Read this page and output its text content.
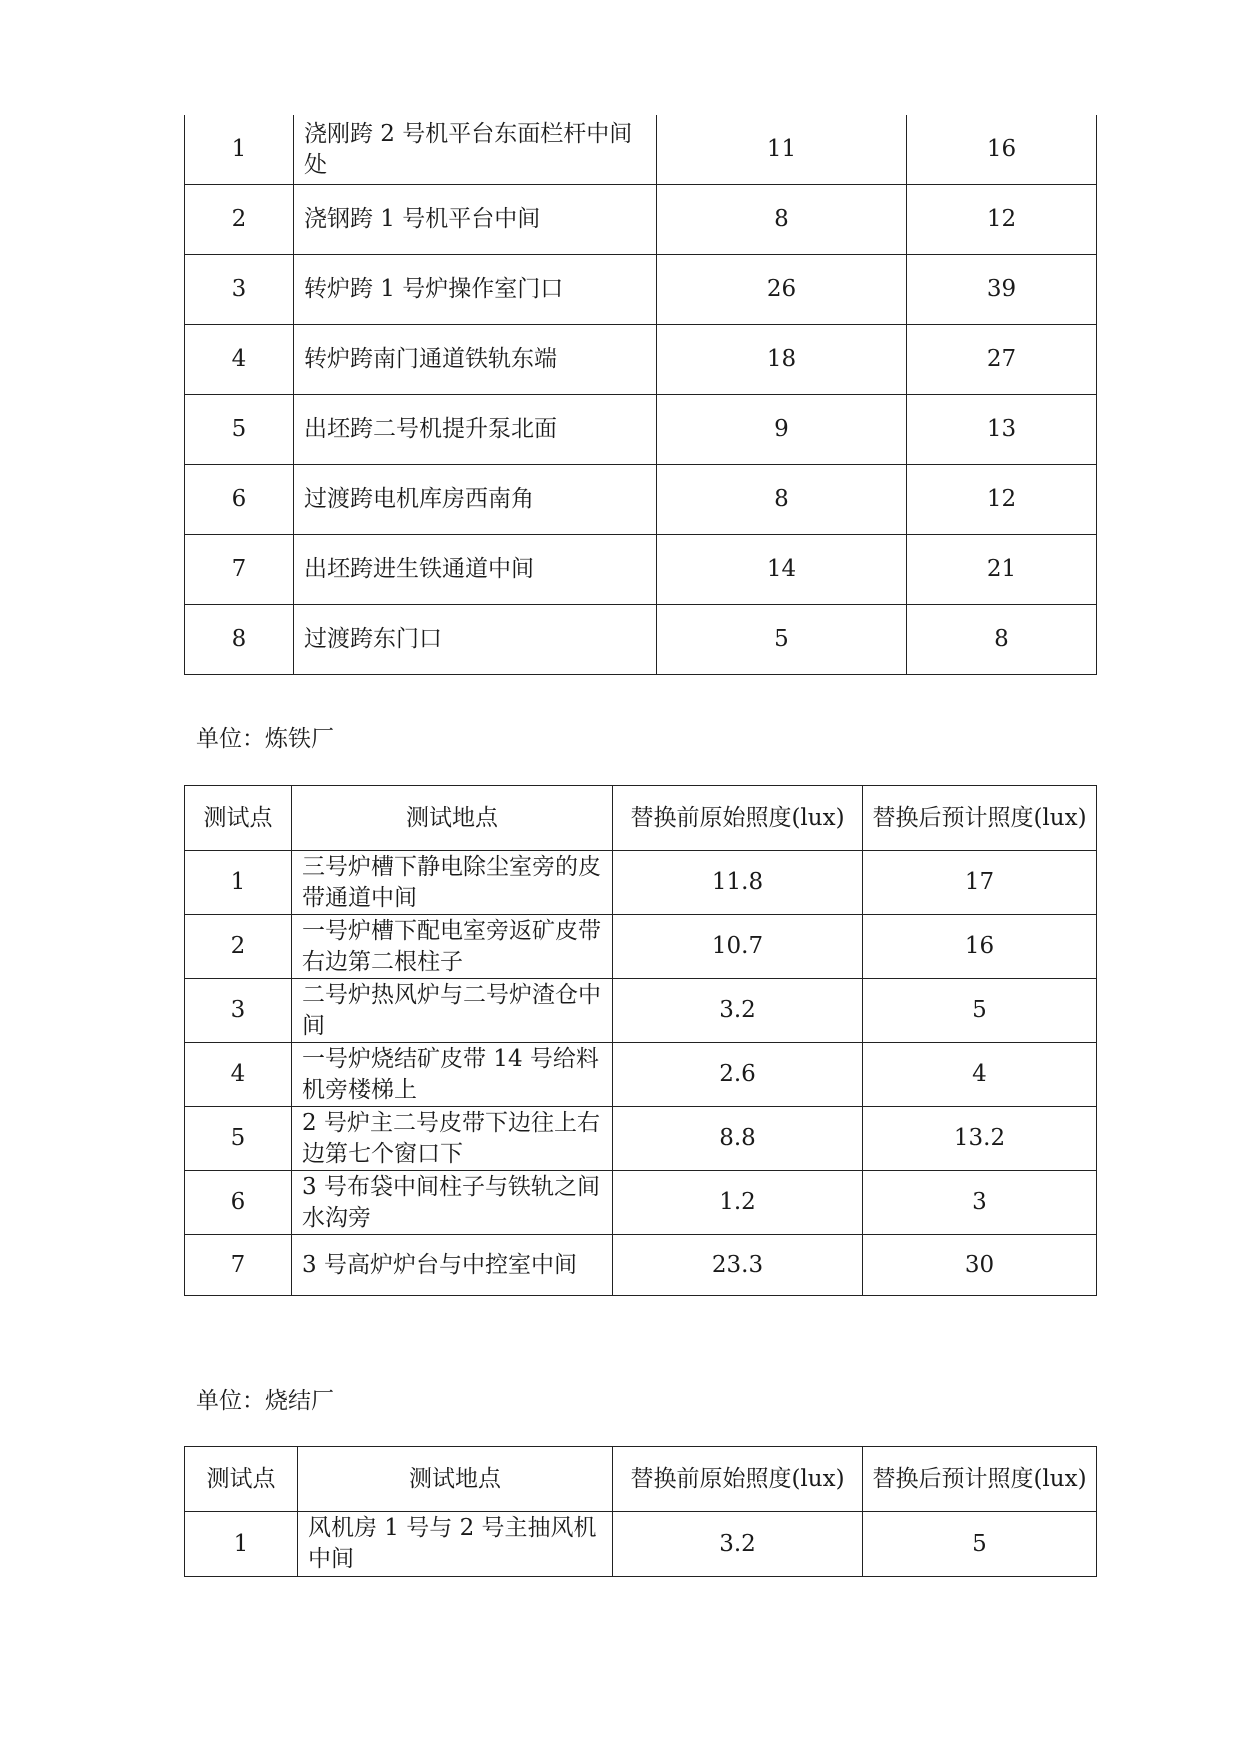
1	浇刚跨 2 号机平台东面栏杆中间处	11	16
2	浇钢跨 1 号机平台中间	8	12
3	转炉跨 1 号炉操作室门口	26	39
4	转炉跨南门通道铁轨东端	18	27
5	出坯跨二号机提升泵北面	9	13
6	过渡跨电机库房西南角	8	12
7	出坯跨进生铁通道中间	14	21
8	过渡跨东门口	5	8
单位：炼铁厂
测试点	测试地点	替换前原始照度(lux)	替换后预计照度(lux)
1	三号炉槽下静电除尘室旁的皮带通道中间	11.8	17
2	一号炉槽下配电室旁返矿皮带右边第二根柱子	10.7	16
3	二号炉热风炉与二号炉渣仓中间	3.2	5
4	一号炉烧结矿皮带 14 号给料机旁楼梯上	2.6	4
5	2 号炉主二号皮带下边往上右边第七个窗口下	8.8	13.2
6	3 号布袋中间柱子与铁轨之间水沟旁	1.2	3
7	3 号高炉炉台与中控室中间	23.3	30
单位：烧结厂
测试点	测试地点	替换前原始照度(lux)	替换后预计照度(lux)
1	风机房 1 号与 2 号主抽风机中间	3.2	5
